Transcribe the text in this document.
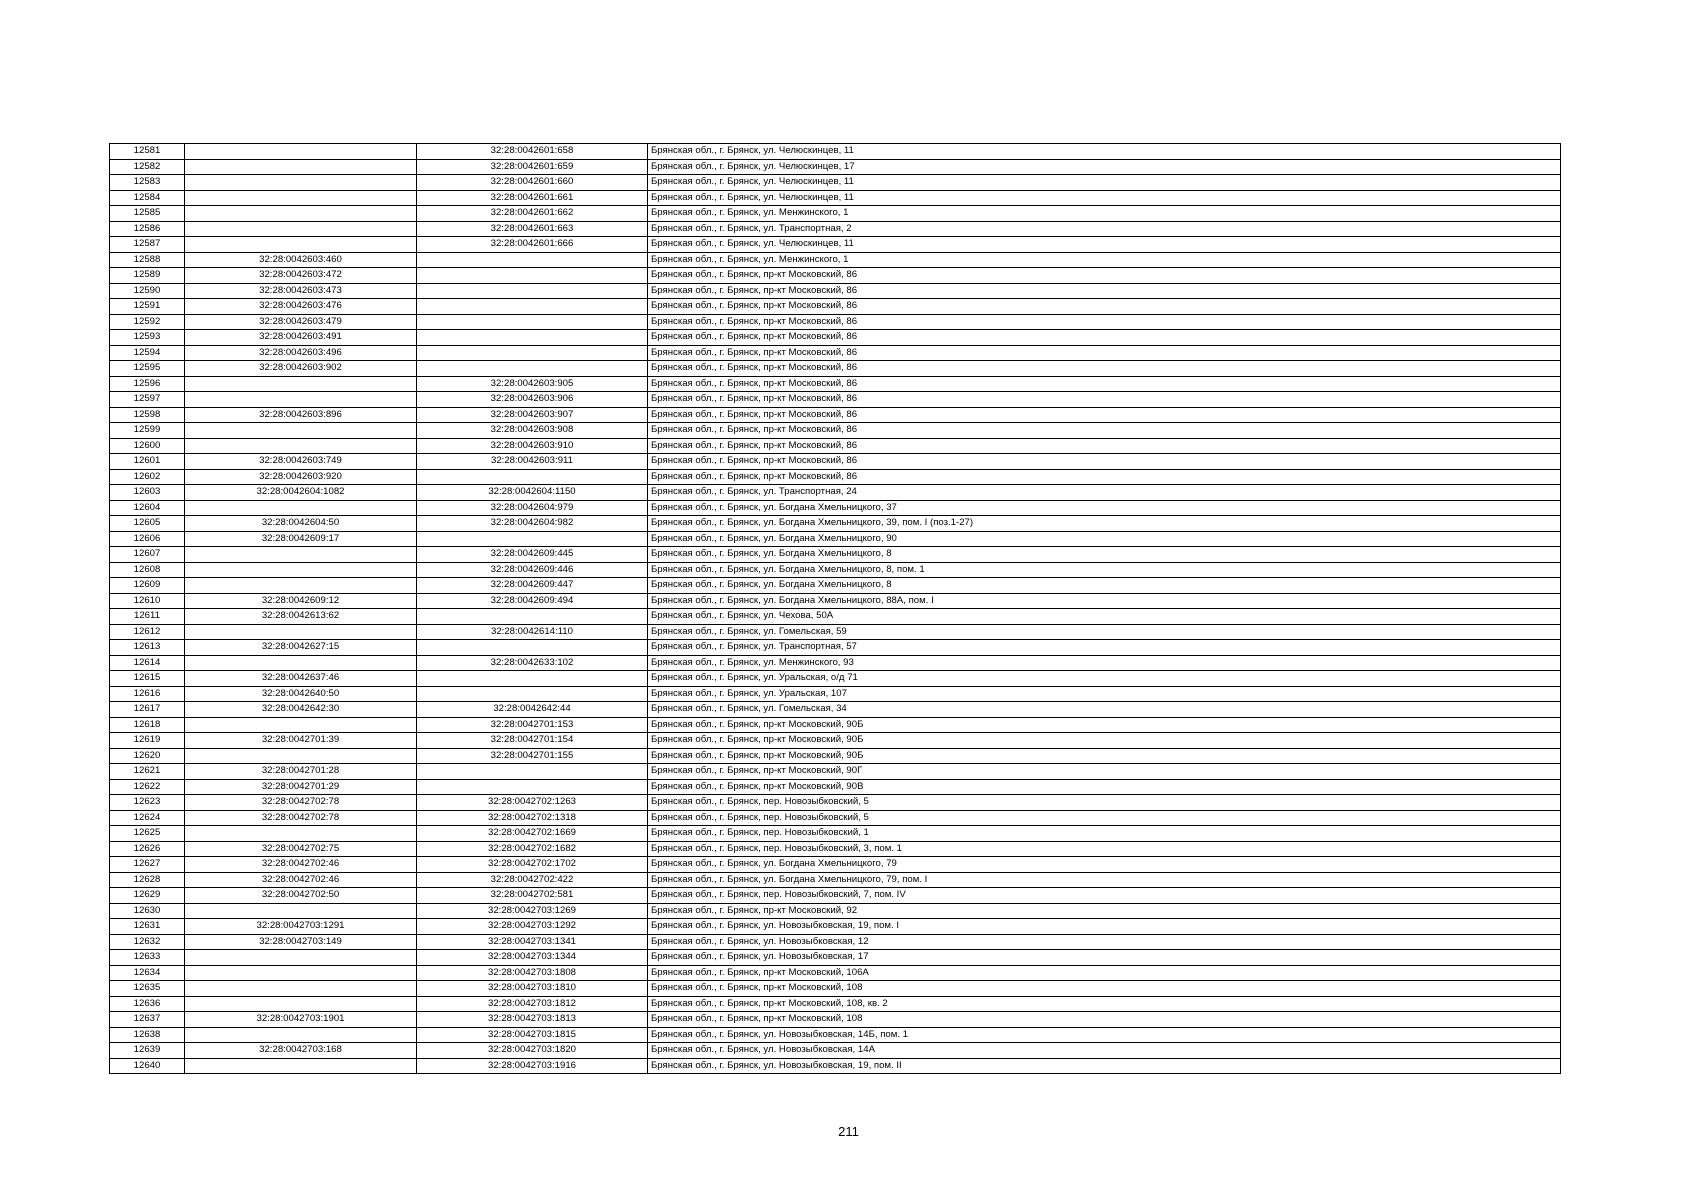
12581		32:28:0042601:658	Брянская обл., г. Брянск, ул. Челюскинцев, 11
12582		32:28:0042601:659	Брянская обл., г. Брянск, ул. Челюскинцев, 17
12583		32:28:0042601:660	Брянская обл., г. Брянск, ул. Челюскинцев, 11
12584		32:28:0042601:661	Брянская обл., г. Брянск, ул. Челюскинцев, 11
12585		32:28:0042601:662	Брянская обл., г. Брянск, ул. Менжинского, 1
12586		32:28:0042601:663	Брянская обл., г. Брянск, ул. Транспортная, 2
12587		32:28:0042601:666	Брянская обл., г. Брянск, ул. Челюскинцев, 11
12588	32:28:0042603:460		Брянская обл., г. Брянск, ул. Менжинского, 1
12589	32:28:0042603:472		Брянская обл., г. Брянск, пр-кт Московский, 86
12590	32:28:0042603:473		Брянская обл., г. Брянск, пр-кт Московский, 86
12591	32:28:0042603:476		Брянская обл., г. Брянск, пр-кт Московский, 86
12592	32:28:0042603:479		Брянская обл., г. Брянск, пр-кт Московский, 86
12593	32:28:0042603:491		Брянская обл., г. Брянск, пр-кт Московский, 86
12594	32:28:0042603:496		Брянская обл., г. Брянск, пр-кт Московский, 86
12595	32:28:0042603:902		Брянская обл., г. Брянск, пр-кт Московский, 86
12596		32:28:0042603:905	Брянская обл., г. Брянск, пр-кт Московский, 86
12597		32:28:0042603:906	Брянская обл., г. Брянск, пр-кт Московский, 86
12598	32:28:0042603:896	32:28:0042603:907	Брянская обл., г. Брянск, пр-кт Московский, 86
12599		32:28:0042603:908	Брянская обл., г. Брянск, пр-кт Московский, 86
12600		32:28:0042603:910	Брянская обл., г. Брянск, пр-кт Московский, 86
12601	32:28:0042603:749	32:28:0042603:911	Брянская обл., г. Брянск, пр-кт Московский, 86
12602	32:28:0042603:920		Брянская обл., г. Брянск, пр-кт Московский, 86
12603	32:28:0042604:1082	32:28:0042604:1150	Брянская обл., г. Брянск, ул. Транспортная, 24
12604		32:28:0042604:979	Брянская обл., г. Брянск, ул. Богдана Хмельницкого, 37
12605	32:28:0042604:50	32:28:0042604:982	Брянская обл., г. Брянск, ул. Богдана Хмельницкого, 39, пом. I (поз.1-27)
12606	32:28:0042609:17		Брянская обл., г. Брянск, ул. Богдана Хмельницкого, 90
12607		32:28:0042609:445	Брянская обл., г. Брянск, ул. Богдана Хмельницкого, 8
12608		32:28:0042609:446	Брянская обл., г. Брянск, ул. Богдана Хмельницкого, 8, пом. 1
12609		32:28:0042609:447	Брянская обл., г. Брянск, ул. Богдана Хмельницкого, 8
12610	32:28:0042609:12	32:28:0042609:494	Брянская обл., г. Брянск, ул. Богдана Хмельницкого, 88А, пом. I
12611	32:28:0042613:62		Брянская обл., г. Брянск, ул. Чехова, 50А
12612		32:28:0042614:110	Брянская обл., г. Брянск, ул. Гомельская, 59
12613	32:28:0042627:15		Брянская обл., г. Брянск, ул. Транспортная, 57
12614		32:28:0042633:102	Брянская обл., г. Брянск, ул. Менжинского, 93
12615	32:28:0042637:46		Брянская обл., г. Брянск, ул. Уральская, о/д 71
12616	32:28:0042640:50		Брянская обл., г. Брянск, ул. Уральская, 107
12617	32:28:0042642:30	32:28:0042642:44	Брянская обл., г. Брянск, ул. Гомельская, 34
12618		32:28:0042701:153	Брянская обл., г. Брянск, пр-кт Московский, 90Б
12619	32:28:0042701:39	32:28:0042701:154	Брянская обл., г. Брянск, пр-кт Московский, 90Б
12620		32:28:0042701:155	Брянская обл., г. Брянск, пр-кт Московский, 90Б
12621	32:28:0042701:28		Брянская обл., г. Брянск, пр-кт Московский, 90Г
12622	32:28:0042701:29		Брянская обл., г. Брянск, пр-кт Московский, 90В
12623	32:28:0042702:78	32:28:0042702:1263	Брянская обл., г. Брянск, пер. Новозыбковский, 5
12624	32:28:0042702:78	32:28:0042702:1318	Брянская обл., г. Брянск, пер. Новозыбковский, 5
12625		32:28:0042702:1669	Брянская обл., г. Брянск, пер. Новозыбковский, 1
12626	32:28:0042702:75	32:28:0042702:1682	Брянская обл., г. Брянск, пер. Новозыбковский, 3, пом. 1
12627	32:28:0042702:46	32:28:0042702:1702	Брянская обл., г. Брянск, ул. Богдана Хмельницкого, 79
12628	32:28:0042702:46	32:28:0042702:422	Брянская обл., г. Брянск, ул. Богдана Хмельницкого, 79, пом. I
12629	32:28:0042702:50	32:28:0042702:581	Брянская обл., г. Брянск, пер. Новозыбковский, 7, пом. IV
12630		32:28:0042703:1269	Брянская обл., г. Брянск, пр-кт Московский, 92
12631	32:28:0042703:1291	32:28:0042703:1292	Брянская обл., г. Брянск, ул. Новозыбковская, 19, пом. I
12632	32:28:0042703:149	32:28:0042703:1341	Брянская обл., г. Брянск, ул. Новозыбковская, 12
12633		32:28:0042703:1344	Брянская обл., г. Брянск, ул. Новозыбковская, 17
12634		32:28:0042703:1808	Брянская обл., г. Брянск, пр-кт Московский, 106А
12635		32:28:0042703:1810	Брянская обл., г. Брянск, пр-кт Московский, 108
12636		32:28:0042703:1812	Брянская обл., г. Брянск, пр-кт Московский, 108, кв. 2
12637	32:28:0042703:1901	32:28:0042703:1813	Брянская обл., г. Брянск, пр-кт Московский, 108
12638		32:28:0042703:1815	Брянская обл., г. Брянск, ул. Новозыбковская, 14Б, пом. 1
12639	32:28:0042703:168	32:28:0042703:1820	Брянская обл., г. Брянск, ул. Новозыбковская, 14А
12640		32:28:0042703:1916	Брянская обл., г. Брянск, ул. Новозыбковская, 19, пом. II
211
